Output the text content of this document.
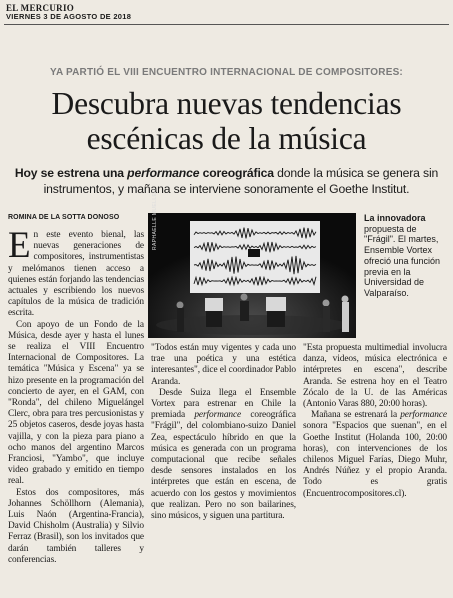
EL MERCURIO
VIERNES 3 DE AGOSTO DE 2018
YA PARTIÓ EL VIII ENCUENTRO INTERNACIONAL DE COMPOSITORES:
Descubra nuevas tendencias
escénicas de la música
Hoy se estrena una performance coreográfica donde la música se genera sin instrumentos, y mañana se interviene sonoramente el Goethe Institut.
ROMINA DE LA SOTTA DONOSO

En este evento bienal, las nuevas generaciones de compositores, instrumentistas y melómanos tienen acceso a quienes están forjando las tendencias actuales y escribiendo los nuevos capítulos de la música de tradición escrita.

Con apoyo de un Fondo de la Música, desde ayer y hasta el lunes se realiza el VIII Encuentro Internacional de Compositores. La temática "Música y Escena" ya se hizo presente en la programación del concierto de ayer, en el GAM, con "Ronda", del chileno Miguelángel Clerc, obra para tres percusionistas y 25 objetos caseros, desde joyas hasta vajilla, y con la pieza para piano a ocho manos del argentino Marcos Franciosi, "Yambo", que incluye video grabado y emitido en tiempo real.

Estos dos compositores, más Johannes Schöllhorn (Alemania), Luis Naón (Argentina-Francia), David Chisholm (Australia) y Silvio Ferraz (Brasil), son los invitados que darán también talleres y conferencias.

RAPHAELLE MUELLER	La innovadora propuesta de "Frágil". El martes, Ensemble Vortex ofreció una función previa en la Universidad de Valparaíso.

"Todos están muy vigentes y cada uno trae una poética y una estética interesantes", dice el coordinador Pablo Aranda.

Desde Suiza llega el Ensemble Vortex para estrenar en Chile la premiada performance coreográfica "Frágil", del colombiano-suizo Daniel Zea, espectáculo híbrido en que la música es generada con un programa computacional que recibe señales desde sensores instalados en los intérpretes que están en escena, de acuerdo con los gestos y movimientos que realizan. Pero no son bailarines, sino músicos, y siguen una partitura.

"Esta propuesta multimedial involucra danza, videos, música electrónica e intérpretes en escena", describe Aranda. Se estrena hoy en el Teatro Zócalo de la U. de las Américas (Antonio Varas 880, 20:00 horas).

Mañana se estrenará la performance sonora "Espacios que suenan", en el Goethe Institut (Holanda 100, 20:00 horas), con intervenciones de los chilenos Miguel Farías, Diego Muhr, Andrés Núñez y el propio Aranda. Todo es gratis (Encuentrocompositores.cl).
